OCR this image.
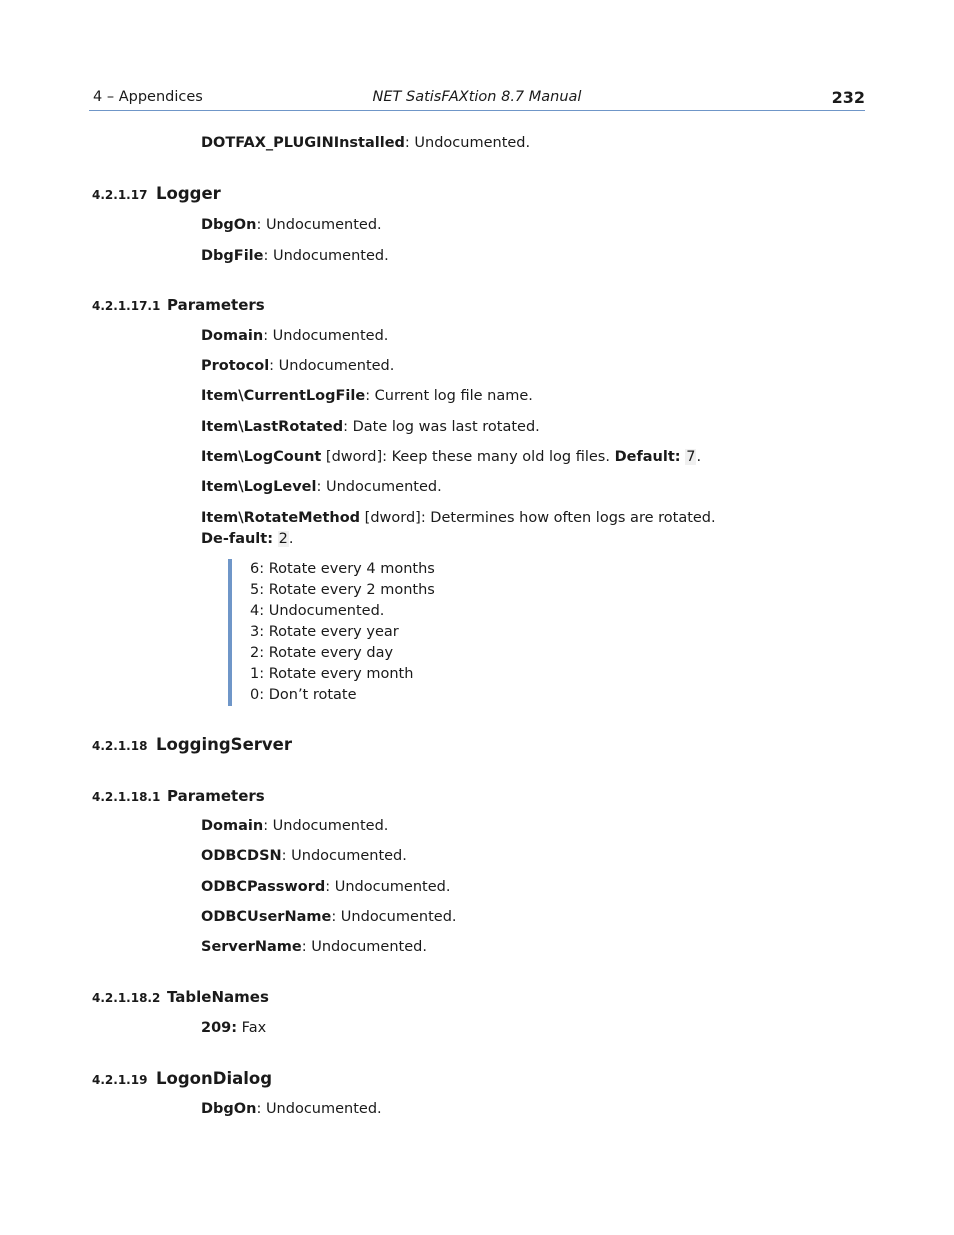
4 – Appendices	NET SatisFAXtion 8.7 Manual	232
DOTFAX_PLUGINInstalled: Undocumented.
4.2.1.17 Logger
DbgOn: Undocumented.
DbgFile: Undocumented.
4.2.1.17.1 Parameters
Domain: Undocumented.
Protocol: Undocumented.
Item\CurrentLogFile: Current log file name.
Item\LastRotated: Date log was last rotated.
Item\LogCount [dword]: Keep these many old log files. Default: 7.
Item\LogLevel: Undocumented.
Item\RotateMethod [dword]: Determines how often logs are rotated. De-fault: 2.
6: Rotate every 4 months
5: Rotate every 2 months
4: Undocumented.
3: Rotate every year
2: Rotate every day
1: Rotate every month
0: Don’t rotate
4.2.1.18 LoggingServer
4.2.1.18.1 Parameters
Domain: Undocumented.
ODBCDSN: Undocumented.
ODBCPassword: Undocumented.
ODBCUserName: Undocumented.
ServerName: Undocumented.
4.2.1.18.2 TableNames
209: Fax
4.2.1.19 LogonDialog
DbgOn: Undocumented.
